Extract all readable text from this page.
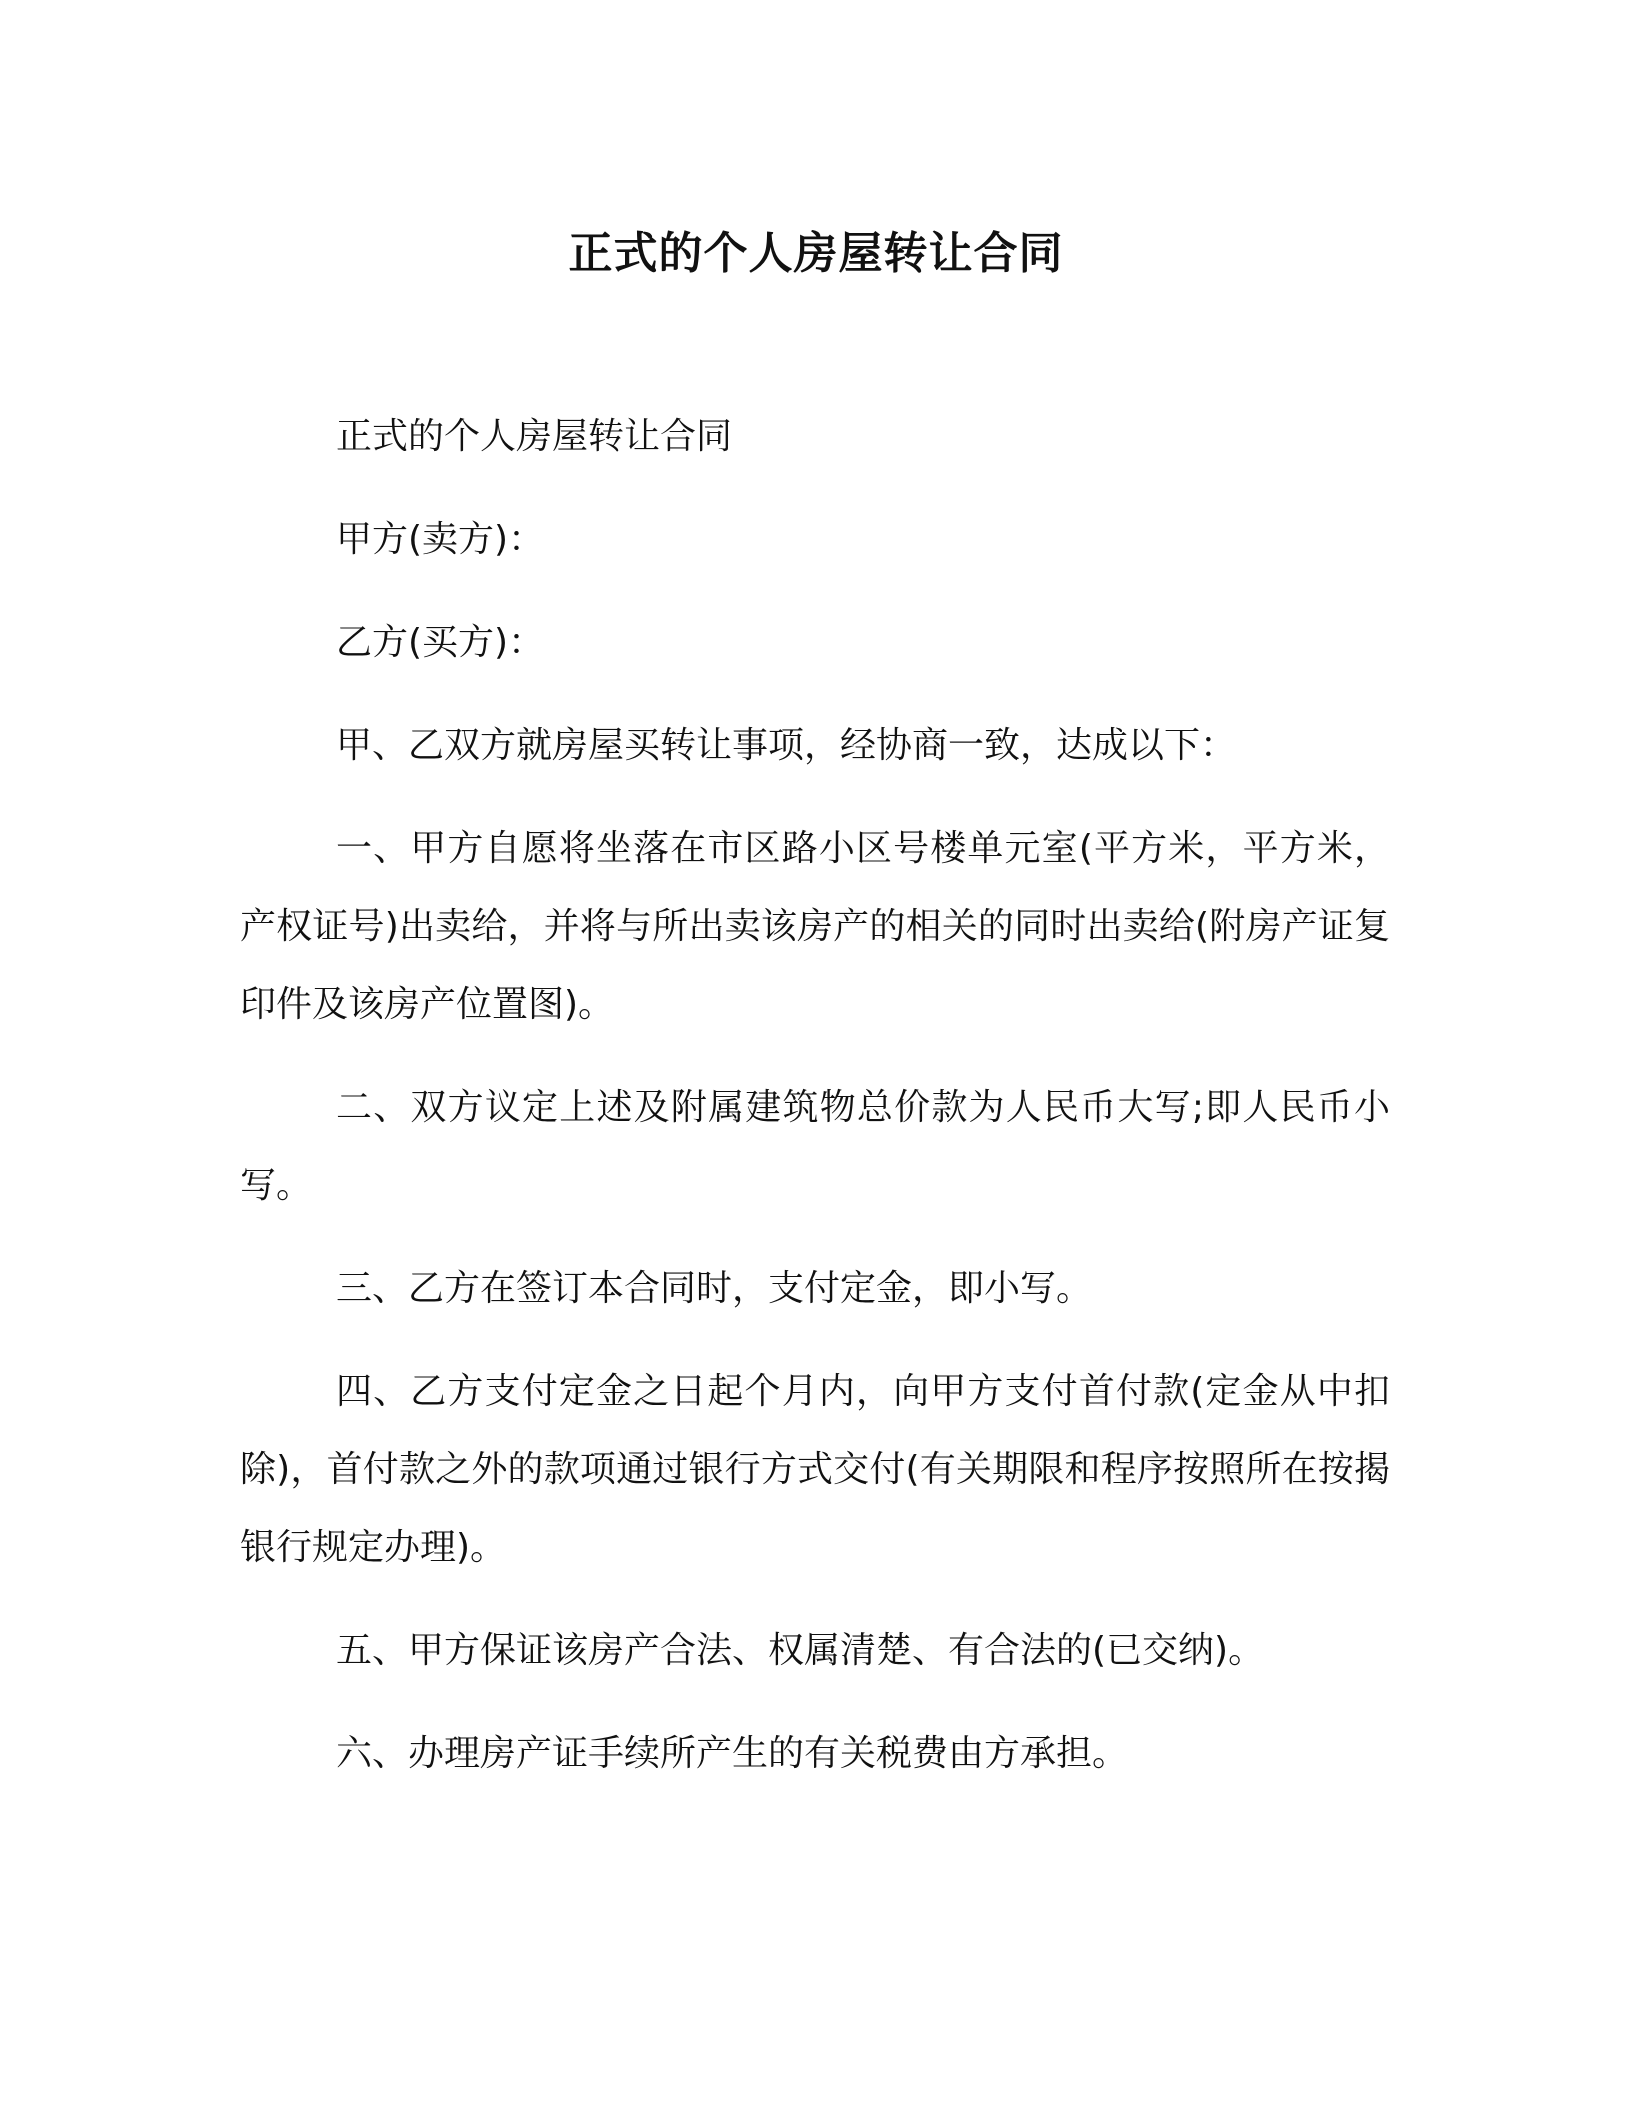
正式的个人房屋转让合同

正式的个人房屋转让合同

甲方(卖方)：

乙方(买方)：

甲、乙双方就房屋买转让事项，经协商一致，达成以下：

一、甲方自愿将坐落在市区路小区号楼单元室(平方米，平方米，产权证号)出卖给，并将与所出卖该房产的相关的同时出卖给(附房产证复印件及该房产位置图)。

二、双方议定上述及附属建筑物总价款为人民币大写;即人民币小写。

三、乙方在签订本合同时，支付定金，即小写。

四、乙方支付定金之日起个月内，向甲方支付首付款(定金从中扣除)，首付款之外的款项通过银行方式交付(有关期限和程序按照所在按揭银行规定办理)。

五、甲方保证该房产合法、权属清楚、有合法的(已交纳)。

六、办理房产证手续所产生的有关税费由方承担。
